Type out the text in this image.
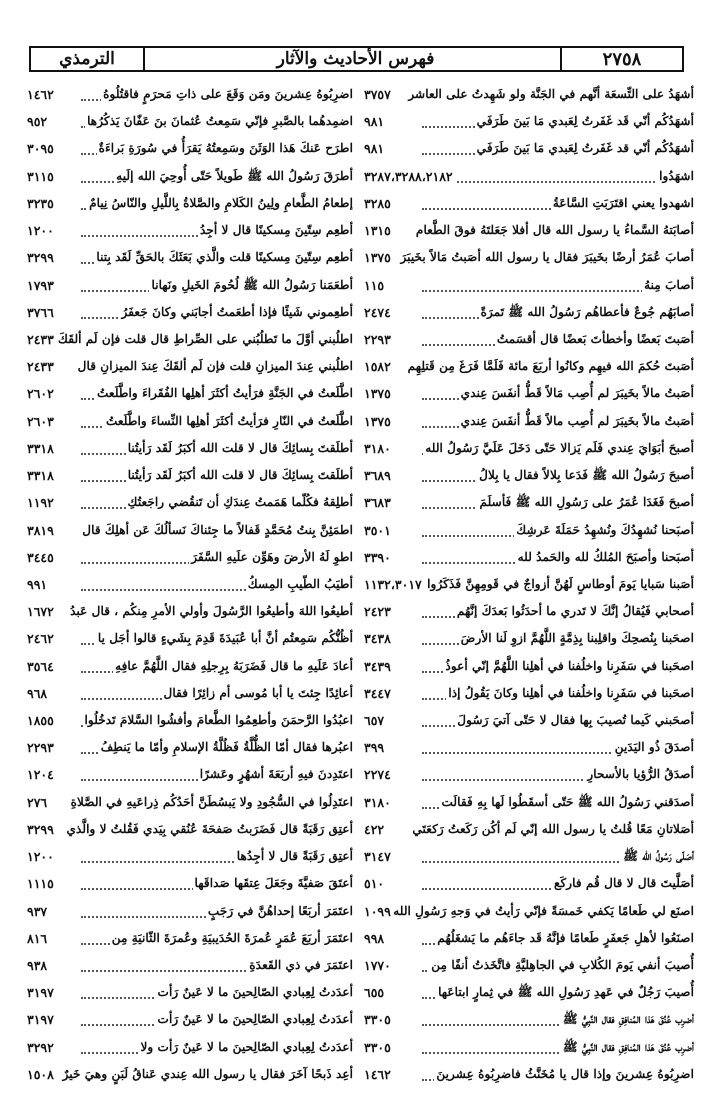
٢٧٥٨
فهرس الأحاديث والآثار
الترمذي
أشهَدُ على التِّسعَة أنَّهم في الجَنَّة ولو شَهِدتُ على العاشر
٣٧٥٧
أشهَدُكُم أنّي قَد غَفَرتُ لِعَبدي مَا بَينَ طَرَفَي
٩٨١
أشهَدُكُم أنّي قد غَفَرتُ لِعَبدي مَا بَينَ طَرَفَي
٩٨١
اشهَدُوا
٣٢٨٧،٣٢٨٨،٢١٨٢
اشهدوا يعني اقتَرَبَتِ السَّاعَةُ
٣٢٨٥
أصابَتهُ السَّماءُ يا رسول الله قال أفلا جَعَلتَهُ فوقَ الطَّعام
١٣١٥
أصابَ عُمَرُ أرضًا بخَيبَرَ فقال يا رسول الله أصَبتُ مَالاً بخَيبَرَ
١٣٧٥
أصابَ مِنهُ
١١٥
أصابَهُم جُوعٌ فأعطاهُم رَسُولُ الله ﷺ تَمرَةً
٢٤٧٤
أصَبتَ بَعضًا وأخطأتَ بَعضًا قال أقسَمتُ
٢٢٩٣
أصَبتَ حُكمَ الله فيهِم وكانُوا أربَعَ مائة فَلَمَّا فَرَغَ مِن قَتلِهِم
١٥٨٢
أصَبتُ مالاً بخَيبَرَ لم أُصِب مَالاً قَطُّ أنفَسَ عِندي
١٣٧٥
أصَبتُ مالاً بخَيبَرَ لم أُصِب مالاً قَطُّ أنفَسَ عِندي
١٣٧٥
أصبحَ أبَوَايَ عِندي فَلَم يَزالا حَتّى دَخَلَ عَلَيَّ رَسُولُ الله
٣١٨٠
أصبحَ رَسُولُ الله ﷺ فَدَعا بِلالاً فقال يا بِلالُ
٣٦٨٩
أصبحَ فَغَدَا عُمَرُ على رَسُولِ الله ﷺ فَأسلَمَ
٣٦٨٣
أصبَحنا نُشهِدُكَ ونُشهِدُ حَمَلَةَ عَرشِكَ
٣٥٠١
أصبَحنا وأصبَحَ المُلكُ لله والحَمدُ لله
٣٣٩٠
أصَبنا سَبايا يَومَ أوطاسٍ لَهُنَّ أزواجٌ في قَومِهِنَّ فَذَكَرُوا
١١٣٢،٣٠١٧
أصحابي فَيُقالُ إنَّكَ لا تَدري ما أحدَثُوا بَعدَكَ إنَّهُم
٢٤٢٣
اصحَبنا بِنُصحِكَ واقلِبنا بِذِمَّةٍ اللَّهُمَّ ازوِ لَنا الأرضَ
٣٤٣٨
اصحَبنا في سَفَرِنا واخلُفنا في أهلِنا اللَّهُمَّ إنّي أعوذُ
٣٤٣٩
اصحَبنا في سَفَرِنا واخلُفنا في أهلِنا وكانَ يَقُولُ إذا
٣٤٤٧
أصحَبني كَيما تُصيبَ بِها فقال لا حَتّى آتيَ رَسُولَ
٦٥٧
أصدَقَ ذُو اليَدَينِ
٣٩٩
أصدَقُ الرُّؤيا بالأسحارِ
٢٢٧٤
أصدَقني رَسُولُ الله ﷺ حَتّى أسقَطُوا لَها بِهِ فَقالَت
٣١٨٠
أصَلاتانِ مَعًا قُلتُ يا رسول الله إنّي لَم أكُن رَكَعتُ رَكعَتَي
٤٢٢
أصَلّى رَسُولُ الله ﷺ
٣١٤٧
أصَلَّيتَ قال لا قال قُم فاركَع
٥١٠
اصنَع لي طَعامًا يَكفي خَمسَةً فإنّي رَأيتُ في وَجهِ رَسُولِ الله
١٠٩٩
اصنَعُوا لأهلِ جَعفَرٍ طَعامًا فإنَّهُ قَد جاءَهُم ما يَشغَلُهُم
٩٩٨
أُصيبَ أنفي يَومَ الكُلابِ في الجاهِليَّةِ فاتَّخَذتُ أنفًا مِن
١٧٧٠
أُصيبَ رَجُلٌ في عَهدِ رَسُولِ الله ﷺ في ثِمارٍ ابتاعَها
٦٥٥
أضرِب عُنُقَ هَذا المُنافِقِ فقال النَّبِيُّ ﷺ
٣٣٠٥
أضرِب عُنُقَ هَذا المُنافِقِ فقال النَّبِيُّ ﷺ
٣٣٠٥
اضرِبُوهُ عِشرينَ وإذا قال يا مُخَنَّثُ فاضرِبُوهُ عِشرينَ
١٤٦٢
اضرِبُوهُ عِشرينَ ومَن وَقَعَ على ذاتِ مَحرَمٍ فاقتُلُوهُ
١٤٦٢
اضمِدهُما بالصَّبرِ فإنّي سَمِعتُ عُثمانَ بنَ عَفّانَ يَذكُرُها
٩٥٢
اطرَح عَنكَ هَذا الوَثَنَ وسَمِعتُهُ يَقرَأُ في سُورَةِ بَراءَةٌ
٣٠٩٥
أطرَقَ رَسُولُ الله ﷺ طَويلاً حَتّى أُوحِيَ الله إلَيهِ
٣١١٥
إطعامُ الطَّعامِ ولِينُ الكَلامِ والصَّلاةُ بِاللَّيلِ والنّاسُ نِيامٌ
٣٢٣٥
أطعِم سِتّينَ مِسكينًا قال لا أجِدُ
١٢٠٠
أطعِم سِتّينَ مِسكينًا قلت والَّذي بَعَثَكَ بالحَقِّ لَقَد بِتنا
٣٢٩٩
أطعَمَنا رَسُولُ الله ﷺ لُحُومَ الخَيلِ ونَهانا
١٧٩٣
أطعِموني شَيئًا فإذا أطعَمتُ أجابَني وكانَ جَعفَرُ
٣٧٦٦
اطلُبني أوَّلَ ما تَطلُبُني على الصِّراطِ قال قلت فإن لَم ألقَكَ
٢٤٣٣
اطلُبني عِندَ الميزانِ قلت فإن لَم ألقَكَ عِندَ الميزانِ قال
٢٤٣٣
اطَّلَعتُ في الجَنَّةِ فرَأيتُ أكثَرَ أهلِها الفُقَراءَ واطَّلَعتُ
٢٦٠٢
اطَّلَعتُ في النّارِ فرَأيتُ أكثَرَ أهلِها النِّساءَ واطَّلَعتُ
٢٦٠٣
أطلَقتَ بِسائِكَ قال لا قلت الله أكبَرُ لَقَد رَأيتُنا
٣٣١٨
أطلَقتَ بِسائِكَ قال لا قلت الله أكبَرُ لَقَد رَأيتُنا
٣٣١٨
أطلِقهُ فكُلّما هَمَمتُ عِندَكِ أن تَنقُضي راجَعتُكِ
١١٩٢
اطمَئِنَّ بِنتُ مُحَمَّدٍ قَفالاً ما جِئناكَ نَسألُكَ عَن أهلِكَ قال
٣٨١٩
اطوِ لَهُ الأرضَ وهَوِّن علَيهِ السَّفَرَ
٣٤٤٥
أطيَبُ الطّيبِ المِسكُ
٩٩١
أطيعُوا اللهَ وأطيعُوا الرَّسُولَ وأولي الأمرِ مِنكُم ، قال عَبدُ
١٦٧٢
أظُنُّكُم سَمِعتُم أنَّ أبا عُبَيدَةَ قَدِمَ بِشَيءٍ قالوا أجَل يا
٢٤٦٢
أعادَ عَلَيهِ ما قال فَضَرَبَهُ بِرِجلِهِ فقال اللَّهُمَّ عافِهِ
٣٥٦٤
أعائِدًا جِئتَ يا أبا مُوسى أم زائِرًا فقال
٩٦٨
اعبُدُوا الرَّحمَنَ وأطعِمُوا الطَّعامَ وأفشُوا السَّلامَ تَدخُلُوا
١٨٥٥
اعبُرها فقال أمّا الظُّلَّةُ فَظُلَّةُ الإسلامِ وأمّا ما يَنطِفُ
٢٢٩٣
اعتَدِدنَ فيهِ أربَعَةَ أشهُرٍ وعَشرًا
١٢٠٤
اعتَدِلُوا في السُّجُودِ ولا يَبسُطَنَّ أحَدُكُم ذِراعَيهِ في الصَّلاةِ
٢٧٦
أعتِق رَقَبَةً قال فَضَرَبتُ صَفحَةَ عُنُقي بِيَدي فَقُلتُ لا والَّذي
٣٢٩٩
أعتِق رَقَبَةً قال لا أجِدُها
١٢٠٠
أعتَقَ صَفيَّةَ وجَعَلَ عِتقَها صَداقَها
١١١٥
اعتَمَرَ أربَعًا إحداهُنَّ في رَجَبٍ
٩٣٧
اعتَمَرَ أربَعَ عُمَرٍ عُمرَةَ الحُدَيبيَةِ وعُمرَةَ الثّانيَةِ مِن
٨١٦
اعتَمَرَ في ذي القَعدَةِ
٩٣٨
أعدَدتُ لِعِبادي الصّالِحينَ ما لا عَينٌ رَأت
٣١٩٧
أعدَدتُ لِعِبادي الصّالِحينَ ما لا عَينٌ رَأت
٣١٩٧
أعدَدتُ لِعِبادي الصّالِحينَ ما لا عَينٌ رَأت ولا
٣٢٩٢
أعِد ذَبحًا آخَرَ فقال يا رسول الله عِندي عَناقُ لَبَنٍ وهيَ خَيرٌ
١٥٠٨
